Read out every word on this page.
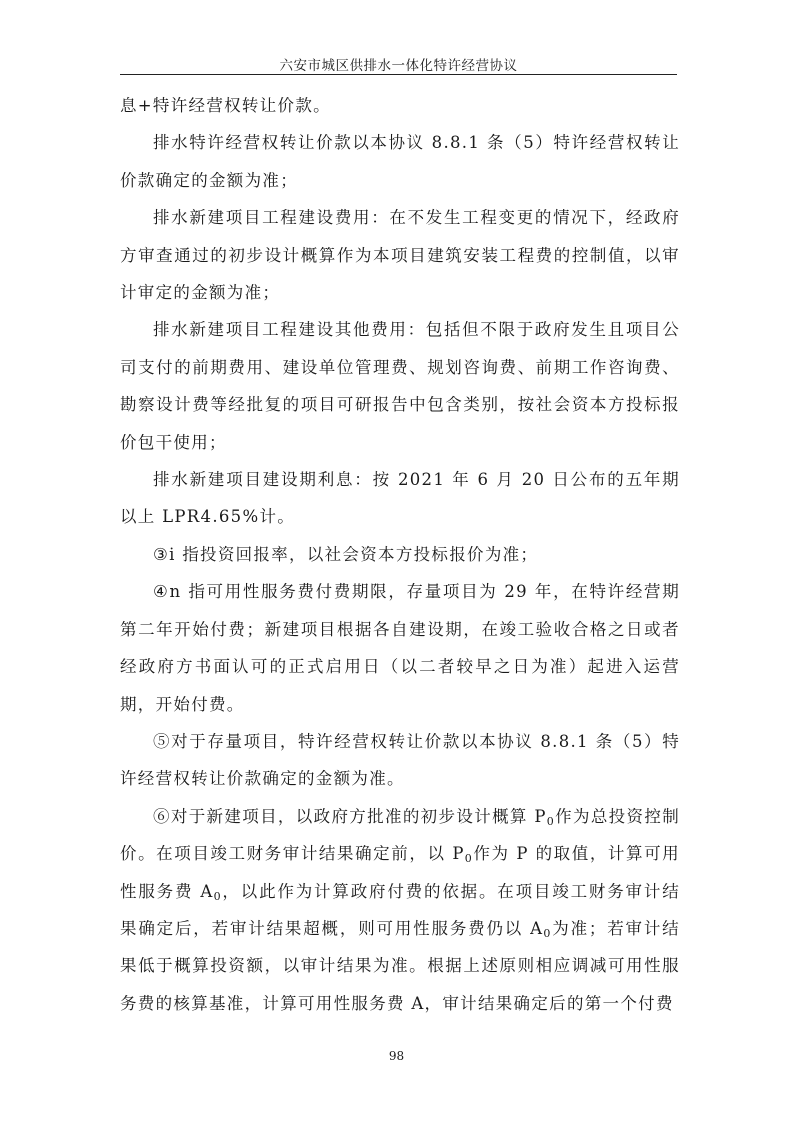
六安市城区供排水一体化特许经营协议

息+特许经营权转让价款。

排水特许经营权转让价款以本协议 8.8.1 条（5）特许经营权转让价款确定的金额为准；

排水新建项目工程建设费用：在不发生工程变更的情况下，经政府方审查通过的初步设计概算作为本项目建筑安装工程费的控制值，以审计审定的金额为准；

排水新建项目工程建设其他费用：包括但不限于政府发生且项目公司支付的前期费用、建设单位管理费、规划咨询费、前期工作咨询费、勘察设计费等经批复的项目可研报告中包含类别，按社会资本方投标报价包干使用；

排水新建项目建设期利息：按 2021 年 6 月 20 日公布的五年期以上 LPR4.65%计。

③i 指投资回报率，以社会资本方投标报价为准；

④n 指可用性服务费付费期限，存量项目为 29 年，在特许经营期第二年开始付费；新建项目根据各自建设期，在竣工验收合格之日或者经政府方书面认可的正式启用日（以二者较早之日为准）起进入运营期，开始付费。

⑤对于存量项目，特许经营权转让价款以本协议 8.8.1 条（5）特许经营权转让价款确定的金额为准。

⑥对于新建项目，以政府方批准的初步设计概算 $P_0$作为总投资控制价。在项目竣工财务审计结果确定前，以 $P_0$作为 P 的取值，计算可用性服务费 $A_0$，以此作为计算政府付费的依据。在项目竣工财务审计结果确定后，若审计结果超概，则可用性服务费仍以 $A_0$为准；若审计结果低于概算投资额，以审计结果为准。根据上述原则相应调减可用性服务费的核算基准，计算可用性服务费 A，审计结果确定后的第一个付费

98
